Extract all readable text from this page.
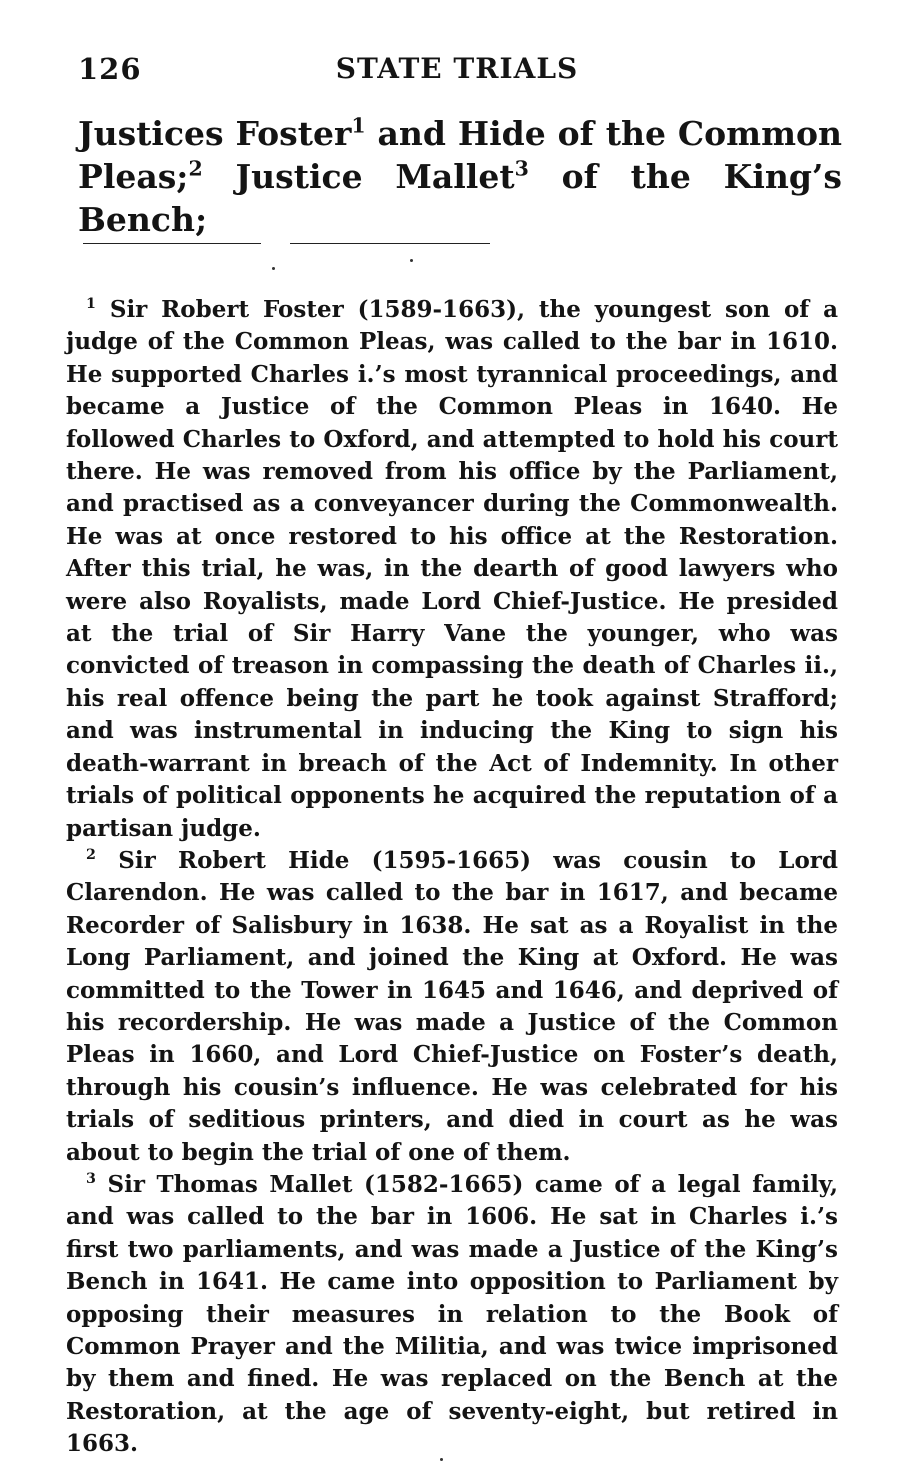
126	STATE TRIALS

Justices Foster$^1$ and Hide of the Common Pleas;$^2$ Justice Mallet$^3$ of the King’s Bench;

$^1$ Sir Robert Foster (1589-1663), the youngest son of a judge of the Common Pleas, was called to the bar in 1610. He supported Charles i.’s most tyrannical proceedings, and became a Justice of the Common Pleas in 1640. He followed Charles to Oxford, and attempted to hold his court there. He was removed from his office by the Parliament, and practised as a conveyancer during the Commonwealth. He was at once restored to his office at the Restoration. After this trial, he was, in the dearth of good lawyers who were also Royalists, made Lord Chief-Justice. He presided at the trial of Sir Harry Vane the younger, who was convicted of treason in compassing the death of Charles ii., his real offence being the part he took against Strafford; and was instrumental in inducing the King to sign his death-warrant in breach of the Act of Indemnity. In other trials of political opponents he acquired the reputation of a partisan judge.

$^2$ Sir Robert Hide (1595-1665) was cousin to Lord Clarendon. He was called to the bar in 1617, and became Recorder of Salisbury in 1638. He sat as a Royalist in the Long Parliament, and joined the King at Oxford. He was committed to the Tower in 1645 and 1646, and deprived of his recordership. He was made a Justice of the Common Pleas in 1660, and Lord Chief-Justice on Foster’s death, through his cousin’s influence. He was celebrated for his trials of seditious printers, and died in court as he was about to begin the trial of one of them.

$^3$ Sir Thomas Mallet (1582-1665) came of a legal family, and was called to the bar in 1606. He sat in Charles i.’s first two parliaments, and was made a Justice of the King’s Bench in 1641. He came into opposition to Parliament by opposing their measures in relation to the Book of Common Prayer and the Militia, and was twice imprisoned by them and fined. He was replaced on the Bench at the Restoration, at the age of seventy-eight, but retired in 1663.
